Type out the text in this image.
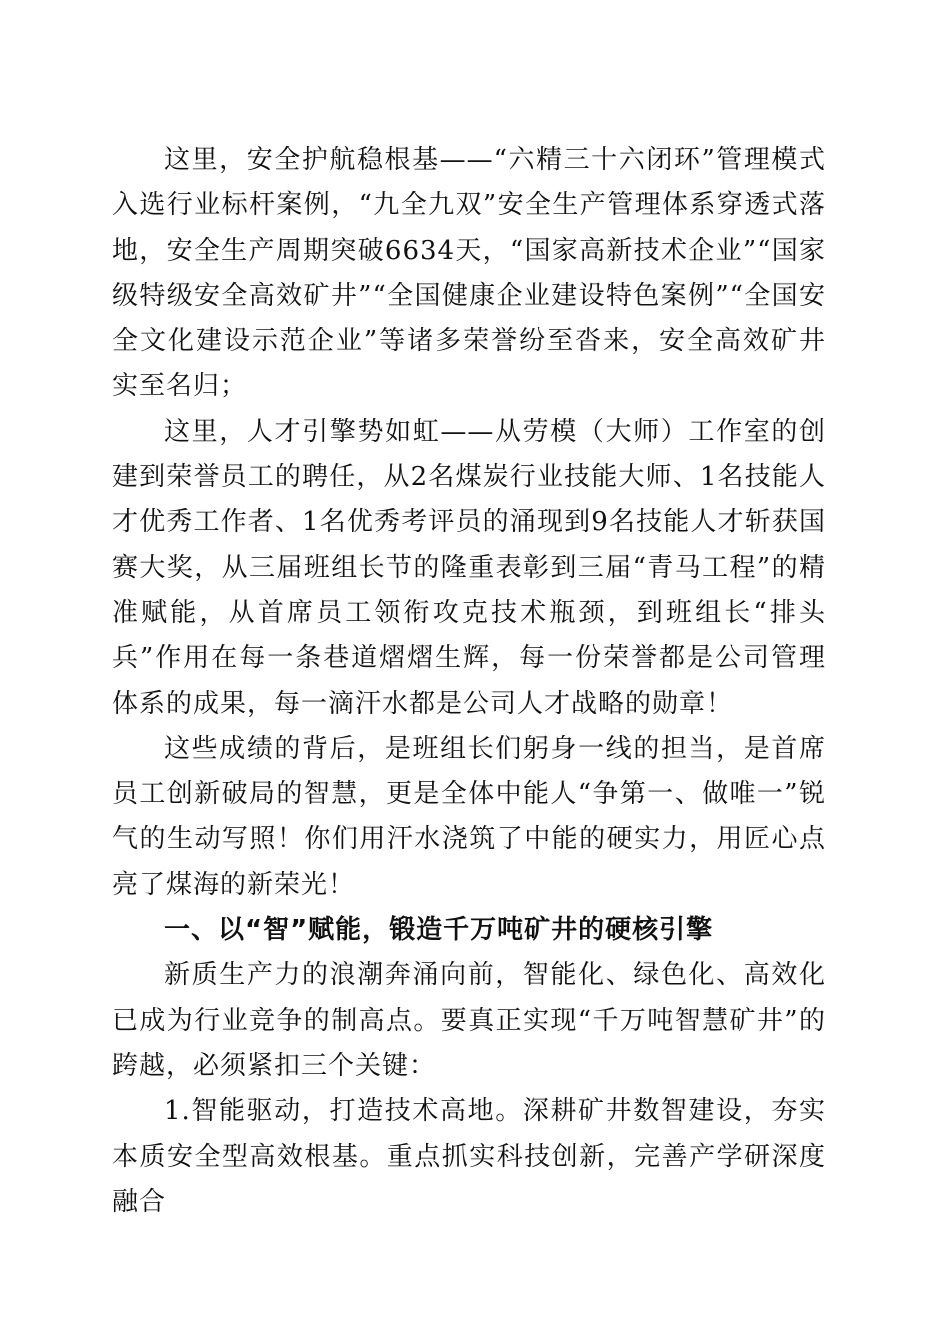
这里，安全护航稳根基——“六精三十六闭环”管理模式入选行业标杆案例，“九全九双”安全生产管理体系穿透式落地，安全生产周期突破6634天，“国家高新技术企业”“国家级特级安全高效矿井”“全国健康企业建设特色案例”“全国安全文化建设示范企业”等诸多荣誉纷至沓来，安全高效矿井实至名归；

这里，人才引擎势如虹——从劳模（大师）工作室的创建到荣誉员工的聘任，从2名煤炭行业技能大师、1名技能人才优秀工作者、1名优秀考评员的涌现到9名技能人才斩获国赛大奖，从三届班组长节的隆重表彰到三届“青马工程”的精准赋能，从首席员工领衔攻克技术瓶颈，到班组长“排头兵”作用在每一条巷道熠熠生辉，每一份荣誉都是公司管理体系的成果，每一滴汗水都是公司人才战略的勋章！

这些成绩的背后，是班组长们躬身一线的担当，是首席员工创新破局的智慧，更是全体中能人“争第一、做唯一”锐气的生动写照！你们用汗水浇筑了中能的硬实力，用匠心点亮了煤海的新荣光！

一、以“智”赋能，锻造千万吨矿井的硬核引擎

新质生产力的浪潮奔涌向前，智能化、绿色化、高效化已成为行业竞争的制高点。要真正实现“千万吨智慧矿井”的跨越，必须紧扣三个关键：

1.智能驱动，打造技术高地。深耕矿井数智建设，夯实本质安全型高效根基。重点抓实科技创新，完善产学研深度融合
